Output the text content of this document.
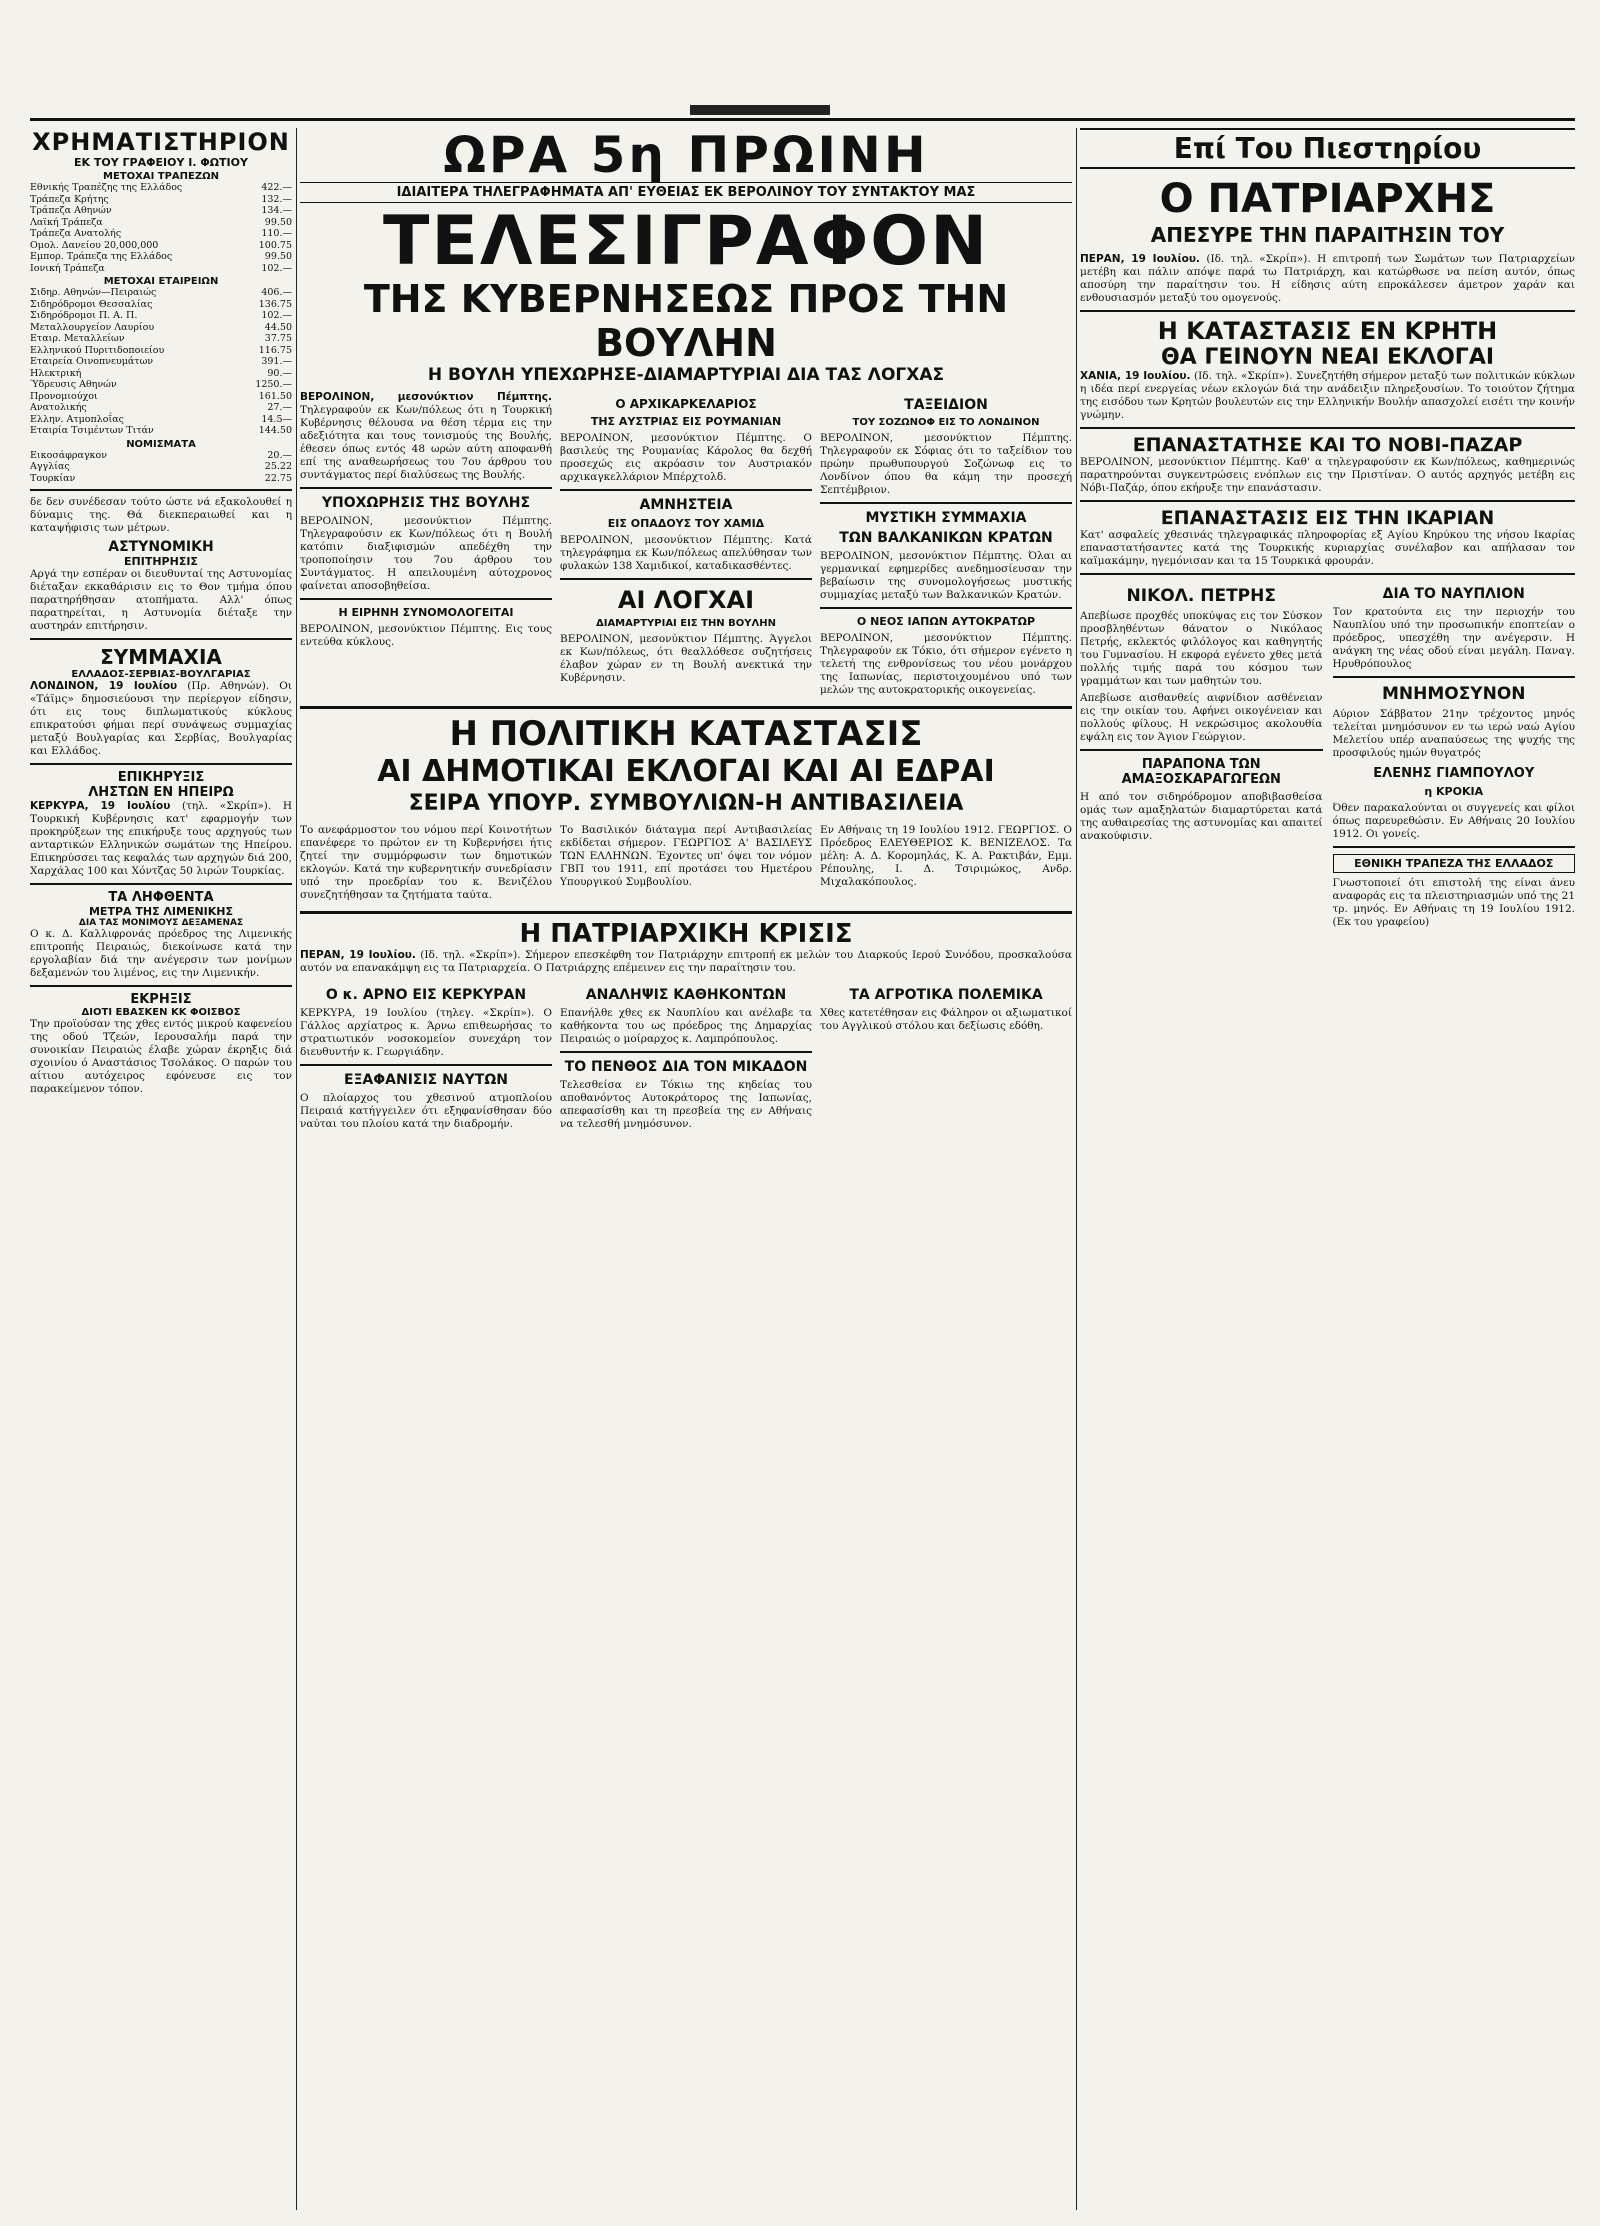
ΧΡΗΜΑΤΙΣΤΗΡΙΟΝ
ΕΚ ΤΟΥ ΓΡΑΦΕΙΟΥ Ι. ΦΩΤΙΟΥ
ΜΕΤΟΧΑΙ ΤΡΑΠΕΖΩΝ
Εθνικής Τραπέζης της Ελλάδος	422.—
Τράπεζα Κρήτης	132.—
Τράπεζα Αθηνών	134.—
Λαϊκή Τράπεζα	99.50
Τράπεζα Ανατολής	110.—
Ομολ. Δανείου 20,000,000	100.75
Εμπορ. Τράπεζα της Ελλάδος	99.50
Ιονική Τράπεζα	102.—
ΜΕΤΟΧΑΙ ΕΤΑΙΡΕΙΩΝ
Σιδηρ. Αθηνών—Πειραιώς	406.—
Σιδηρόδρομοι Θεσσαλίας	136.75
Σιδηρόδρομοι Π. Α. Π.	102.—
Μεταλλουργείον Λαυρίου	44.50
Εταιρ. Μεταλλείων	37.75
Ελληνικού Πυριτιδοποιείου	116.75
Εταιρεία Οινοπνευμάτων	391.—
Ηλεκτρική	90.—
Ύδρευσις Αθηνών	1250.—
Προνομιούχοι	161.50
Ανατολικής	27.—
Ελλην. Ατμοπλοΐας	14.5—
Εταιρία Τσιμέντων Τιτάν	144.50
ΝΟΜΙΣΜΑΤΑ
Εικοσάφραγκον	20.—
Αγγλίας	25.22
Τουρκίαν	22.75

δε δεν συνέδεσαν τούτο ώστε νά εξακολουθεί η δύναμις της. Θά διεκπεραιωθεί και η καταψήφισις των μέτρων.

ΑΣΤΥΝΟΜΙΚΗ
ΕΠΙΤΗΡΗΣΙΣ

Αργά την εσπέραν οι διευθυνταί της Αστυνομίας διέταξαν εκκαθάρισιν εις το Θον τμήμα όπου παρατηρήθησαν ατοπήματα. Αλλ' όπως παρατηρείται, η Αστυνομία διέταξε την αυστηράν επιτήρησιν.

ΣΥΜΜΑΧΙΑ
ΕΛΛΑΔΟΣ-ΣΕΡΒΙΑΣ-ΒΟΥΛΓΑΡΙΑΣ

ΛΟΝΔΙΝΟΝ, 19 Ιουλίου (Πρ. Αθηνών). Οι «Τάϊμς» δημοσιεύουσι την περίεργον είδησιν, ότι εις τους διπλωματικούς κύκλους επικρατούσι φήμαι περί συνάψεως συμμαχίας μεταξύ Βουλγαρίας και Σερβίας, Βουλγαρίας και Ελλάδος.

ΕΠΙΚΗΡΥΞΙΣ
ΛΗΣΤΩΝ ΕΝ ΗΠΕΙΡΩ

ΚΕΡΚΥΡΑ, 19 Ιουλίου (τηλ. «Σκρίπ»). Η Τουρκική Κυβέρνησις κατ' εφαρμογήν των προκηρύξεων της επικήρυξε τους αρχηγούς των ανταρτικών Ελληνικών σωμάτων της Ηπείρου. Επικηρύσσει τας κεφαλάς των αρχηγών διά 200, Χαρχάλας 100 και Χόντζας 50 λιρών Τουρκίας.

ΤΑ ΛΗΦΘΕΝΤΑ
ΜΕΤΡΑ ΤΗΣ ΛΙΜΕΝΙΚΗΣ
ΔΙΑ ΤΑΣ ΜΟΝΙΜΟΥΣ ΔΕΞΑΜΕΝΑΣ

Ο κ. Δ. Καλλιφρονάς πρόεδρος της Λιμενικής επιτροπής Πειραιώς, διεκοίνωσε κατά την εργολαβίαν διά την ανέγερσιν των μονίμων δεξαμενών του λιμένος, εις την Λιμενικήν.

ΕΚΡΗΞΙΣ
ΔΙΟΤΙ ΕΒΑΣΚΕΝ ΚΚ ΦΟΙΣΒΟΣ

Την προϊούσαν της χθες εντός μικρού καφενείου της οδού Τζεών, Ιερουσαλήμ παρά την συνοικίαν Πειραιώς έλαβε χώραν έκρηξις διά σχοινίου ό Αναστάσιος Τσολάκος. Ο παρών του αίτιου αυτόχειρος εφόνευσε εις τον παρακείμενον τόπον.

ΩΡΑ 5η ΠΡΩΙΝΗ
ΙΔΙΑΙΤΕΡΑ ΤΗΛΕΓΡΑΦΗΜΑΤΑ ΑΠ' ΕΥΘΕΙΑΣ ΕΚ ΒΕΡΟΛΙΝΟΥ ΤΟΥ ΣΥΝΤΑΚΤΟΥ ΜΑΣ
ΤΕΛΕΣΙΓΡΑΦΟΝ
ΤΗΣ ΚΥΒΕΡΝΗΣΕΩΣ ΠΡΟΣ ΤΗΝ ΒΟΥΛΗΝ
Η ΒΟΥΛΗ ΥΠΕΧΩΡΗΣΕ-ΔΙΑΜΑΡΤΥΡΙΑΙ ΔΙΑ ΤΑΣ ΛΟΓΧΑΣ

ΒΕΡΟΛΙΝΟΝ, μεσονύκτιον Πέμπτης. Τηλεγραφούν εκ Κων/πόλεως ότι η Τουρκική Κυβέρνησις θέλουσα να θέση τέρμα εις την αδεξιότητα και τους τονισμούς της Βουλής, έθεσεν όπως εντός 48 ωρών αύτη αποφανθή επί της αναθεωρήσεως του 7ου άρθρου του συντάγματος περί διαλύσεως της Βουλής.

ΥΠΟΧΩΡΗΣΙΣ ΤΗΣ ΒΟΥΛΗΣ

ΒΕΡΟΛΙΝΟΝ, μεσονύκτιον Πέμπτης. Τηλεγραφούσιν εκ Κων/πόλεως ότι η Βουλή κατόπιν διαξιφισμών απεδέχθη την τροποποίησιν του 7ου άρθρου του Συντάγματος. Η απειλουμένη αύτοχρονος φαίνεται αποσοβηθείσα.

Η ΕΙΡΗΝΗ ΣΥΝΟΜΟΛΟΓΕΙΤΑΙ

ΒΕΡΟΛΙΝΟΝ, μεσονύκτιον Πέμπτης. Εις τους εντεύθα κύκλους.

Ο ΑΡΧΙΚΑΡΚΕΛΑΡΙΟΣ
ΤΗΣ ΑΥΣΤΡΙΑΣ ΕΙΣ ΡΟΥΜΑΝΙΑΝ

ΒΕΡΟΛΙΝΟΝ, μεσονύκτιον Πέμπτης. Ο βασιλεύς της Ρουμανίας Κάρολος θα δεχθή προσεχώς εις ακρόασιν τον Αυστριακόν αρχικαγκελλάριον Μπέρχτολδ.

ΑΜΝΗΣΤΕΙΑ
ΕΙΣ ΟΠΑΔΟΥΣ ΤΟΥ ΧΑΜΙΔ

ΒΕΡΟΛΙΝΟΝ, μεσονύκτιον Πέμπτης. Κατά τηλεγράφημα εκ Κων/πόλεως απελύθησαν των φυλακών 138 Χαμιδικοί, καταδικασθέντες.

ΑΙ ΛΟΓΧΑΙ
ΔΙΑΜΑΡΤΥΡΙΑΙ ΕΙΣ ΤΗΝ ΒΟΥΛΗΝ

ΒΕΡΟΛΙΝΟΝ, μεσονύκτιον Πέμπτης. Άγγελοι εκ Κων/πόλεως, ότι θεαλλόθεσε συζητήσεις έλαβον χώραν εν τη Βουλή ανεκτικά την Κυβέρνησιν.

ΤΑΞΕΙΔΙΟΝ
ΤΟΥ ΣΟΖΩΝΟΦ ΕΙΣ ΤΟ ΛΟΝΔΙΝΟΝ

ΒΕΡΟΛΙΝΟΝ, μεσονύκτιον Πέμπτης. Τηλεγραφούν εκ Σόφιας ότι το ταξείδιον του πρώην πρωθυπουργού Σοζώνωφ εις το Λονδίνον όπου θα κάμη την προσεχή Σεπτέμβριον.

ΜΥΣΤΙΚΗ ΣΥΜΜΑΧΙΑ
ΤΩΝ ΒΑΛΚΑΝΙΚΩΝ ΚΡΑΤΩΝ

ΒΕΡΟΛΙΝΟΝ, μεσονύκτιον Πέμπτης. Όλαι αι γερμανικαί εφημερίδες ανεδημοσίευσαν την βεβαίωσιν της συνομολογήσεως μυστικής συμμαχίας μεταξύ των Βαλκανικών Κρατών.

Ο ΝΕΟΣ ΙΑΠΩΝ ΑΥΤΟΚΡΑΤΩΡ

ΒΕΡΟΛΙΝΟΝ, μεσονύκτιον Πέμπτης. Τηλεγραφούν εκ Τόκιο, ότι σήμερον εγένετο η τελετή της ενθρονίσεως του νέου μονάρχου της Ιαπωνίας, περιστοιχουμένου υπό των μελών της αυτοκρατορικής οικογενείας.

Η ΠΟΛΙΤΙΚΗ ΚΑΤΑΣΤΑΣΙΣ
ΑΙ ΔΗΜΟΤΙΚΑΙ ΕΚΛΟΓΑΙ ΚΑΙ ΑΙ ΕΔΡΑΙ
ΣΕΙΡΑ ΥΠΟΥΡ. ΣΥΜΒΟΥΛΙΩΝ-Η ΑΝΤΙΒΑΣΙΛΕΙΑ

Το ανεφάρμοστον του νόμου περί Κοινοτήτων επανέφερε το πρώτον εν τη Κυβερνήσει ήτις ζητεί την συμμόρφωσιν των δημοτικών εκλογών. Κατά την κυβερνητικήν συνεδρίασιν υπό την προεδρίαν του κ. Βενιζέλου συνεζητήθησαν τα ζητήματα ταύτα.

Το Βασιλικόν διάταγμα περί Αντιβασιλείας εκδίδεται σήμερον. ΓΕΩΡΓΙΟΣ Α' ΒΑΣΙΛΕΥΣ ΤΩΝ ΕΛΛΗΝΩΝ. Έχοντες υπ' όψει τον νόμον ΓΒΠ του 1911, επί προτάσει του Ημετέρου Υπουργικού Συμβουλίου.

Εν Αθήναις τη 19 Ιουλίου 1912. ΓΕΩΡΓΙΟΣ. Ο Πρόεδρος ΕΛΕΥΘΕΡΙΟΣ Κ. ΒΕΝΙΖΕΛΟΣ. Τα μέλη: Α. Δ. Κορομηλάς, Κ. Α. Ρακτιβάν, Εμμ. Ρέπουλης, Ι. Δ. Τσιριμώκος, Ανδρ. Μιχαλακόπουλος.

Η ΠΑΤΡΙΑΡΧΙΚΗ ΚΡΙΣΙΣ

ΠΕΡΑΝ, 19 Ιουλίου. (Ιδ. τηλ. «Σκρίπ»). Σήμερον επεσκέφθη τον Πατριάρχην επιτροπή εκ μελών του Διαρκούς Ιερού Συνόδου, προσκαλούσα αυτόν να επανακάμψη εις τα Πατριαρχεία. Ο Πατριάρχης επέμεινεν εις την παραίτησιν του.

Ο κ. ΑΡΝΟ ΕΙΣ ΚΕΡΚΥΡΑΝ

ΚΕΡΚΥΡΑ, 19 Ιουλίου (τηλεγ. «Σκρίπ»). Ο Γάλλος αρχίατρος κ. Άρνω επιθεωρήσας το στρατιωτικόν νοσοκομείον συνεχάρη τον διευθυντήν κ. Γεωργιάδην.

ΕΞΑΦΑΝΙΣΙΣ ΝΑΥΤΩΝ

Ο πλοίαρχος του χθεσινού ατμοπλοίου Πειραιά κατήγγειλεν ότι εξηφανίσθησαν δύο ναύται του πλοίου κατά την διαδρομήν.

ΑΝΑΛΗΨΙΣ ΚΑΘΗΚΟΝΤΩΝ

Επανήλθε χθες εκ Ναυπλίου και ανέλαβε τα καθήκοντα του ως πρόεδρος της Δημαρχίας Πειραιώς ο μοίραρχος κ. Λαμπρόπουλος.

ΤΟ ΠΕΝΘΟΣ ΔΙΑ ΤΟΝ ΜΙΚΑΔΟΝ

Τελεσθείσα εν Τόκιω της κηδείας του αποθανόντος Αυτοκράτορος της Ιαπωνίας, απεφασίσθη και τη πρεσβεία της εν Αθήναις να τελεσθή μνημόσυνον.

ΤΑ ΑΓΡΟΤΙΚΑ ΠΟΛΕΜΙΚΑ

Χθες κατετέθησαν εις Φάληρον οι αξιωματικοί του Αγγλικού στόλου και δεξίωσις εδόθη.

Επί Του Πιεστηρίου
Ο ΠΑΤΡΙΑΡΧΗΣ
ΑΠΕΣΥΡΕ ΤΗΝ ΠΑΡΑΙΤΗΣΙΝ ΤΟΥ

ΠΕΡΑΝ, 19 Ιουλίου. (Ιδ. τηλ. «Σκρίπ»). Η επιτροπή των Σωμάτων των Πατριαρχείων μετέβη και πάλιν απόψε παρά τω Πατριάρχη, και κατώρθωσε να πείση αυτόν, όπως αποσύρη την παραίτησιν του. Η είδησις αύτη επροκάλεσεν άμετρον χαράν και ενθουσιασμόν μεταξύ του ομογενούς.

Η ΚΑΤΑΣΤΑΣΙΣ ΕΝ ΚΡΗΤΗ
ΘΑ ΓΕΙΝΟΥΝ ΝΕΑΙ ΕΚΛΟΓΑΙ

ΧΑΝΙΑ, 19 Ιουλίου. (Ιδ. τηλ. «Σκρίπ»). Συνεζητήθη σήμερον μεταξύ των πολιτικών κύκλων η ιδέα περί ενεργείας νέων εκλογών διά την ανάδειξιν πληρεξουσίων. Το τοιούτον ζήτημα της εισόδου των Κρητών βουλευτών εις την Ελληνικήν Βουλήν απασχολεί εισέτι την κοινήν γνώμην.

ΕΠΑΝΑΣΤΑΤΗΣΕ ΚΑΙ ΤΟ ΝΟΒΙ-ΠΑΖΑΡ

ΒΕΡΟΛΙΝΟΝ, μεσονύκτιον Πέμπτης. Καθ' α τηλεγραφούσιν εκ Κων/πόλεως, καθημερινώς παρατηρούνται συγκεντρώσεις ενόπλων εις την Πριστίναν. Ο αυτός αρχηγός μετέβη εις Νόβι-Παζάρ, όπου εκήρυξε την επανάστασιν.

ΕΠΑΝΑΣΤΑΣΙΣ ΕΙΣ ΤΗΝ ΙΚΑΡΙΑΝ

Κατ' ασφαλείς χθεσινάς τηλεγραφικάς πληροφορίας εξ Αγίου Κηρύκου της νήσου Ικαρίας επαναστατήσαντες κατά της Τουρκικής κυριαρχίας συνέλαβον και απήλασαν τον καϊμακάμην, ηγεμόνισαν και τα 15 Τουρκικά φρουράν.

ΝΙΚΟΛ. ΠΕΤΡΗΣ

Απεβίωσε προχθές υποκύψας εις τον Σύσκον προσβληθέντων θάνατον ο Νικόλαος Πετρής, εκλεκτός φιλόλογος και καθηγητής του Γυμνασίου. Η εκφορά εγένετο χθες μετά πολλής τιμής παρά του κόσμου των γραμμάτων και των μαθητών του.

Απεβίωσε αισθανθείς αιφνίδιον ασθένειαν εις την οικίαν του. Αφήνει οικογένειαν και πολλούς φίλους. Η νεκρώσιμος ακολουθία εψάλη εις τον Άγιον Γεώργιον.

ΠΑΡΑΠΟΝΑ ΤΩΝ ΑΜΑΞΟΣΚΑΡΑΓΩΓΕΩΝ

Η από τον σιδηρόδρομον αποβιβασθείσα ομάς των αμαξηλατών διαμαρτύρεται κατά της αυθαιρεσίας της αστυνομίας και απαιτεί ανακούφισιν.

ΔΙΑ ΤΟ ΝΑΥΠΛΙΟΝ

Τον κρατούντα εις την περιοχήν του Ναυπλίου υπό την προσωπικήν εποπτείαν ο πρόεδρος, υπεσχέθη την ανέγερσιν. Η ανάγκη της νέας οδού είναι μεγάλη. Παναγ. Ηρυθρόπουλος

ΜΝΗΜΟΣΥΝΟΝ

Αύριον Σάββατον 21ην τρέχοντος μηνός τελείται μνημόσυνον εν τω ιερώ ναώ Αγίου Μελετίου υπέρ αναπαύσεως της ψυχής της προσφιλούς ημών θυγατρός

ΕΛΕΝΗΣ ΓΙΑΜΠΟΥΛΟΥ
η ΚΡΟΚΙΑ

Όθεν παρακαλούνται οι συγγενείς και φίλοι όπως παρευρεθώσιν. Εν Αθήναις 20 Ιουλίου 1912. Οι γονείς.

ΕΘΝΙΚΗ ΤΡΑΠΕΖΑ ΤΗΣ ΕΛΛΑΔΟΣ

Γνωστοποιεί ότι επιστολή της είναι άνευ αναφοράς εις τα πλειστηριασμών υπό της 21 τρ. μηνός. Εν Αθήναις τη 19 Ιουλίου 1912. (Εκ του γραφείου)
